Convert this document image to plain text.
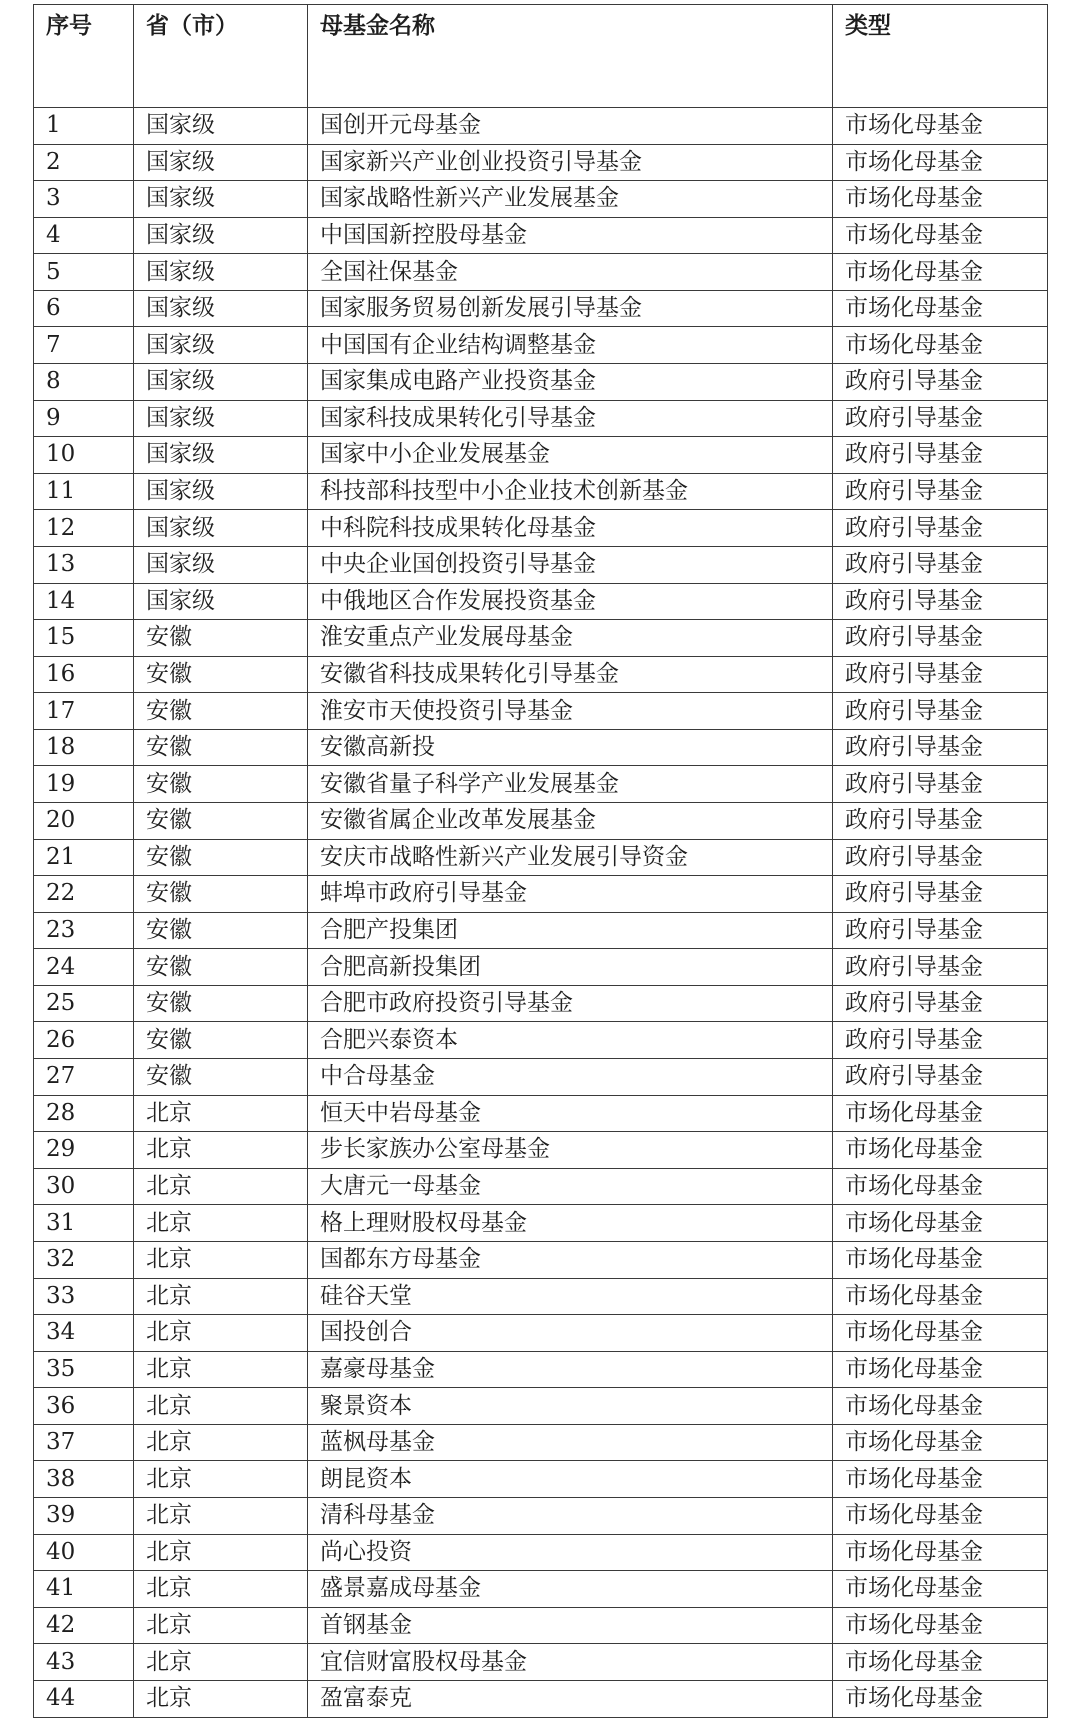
序号	省（市）	母基金名称	类型
1	国家级	国创开元母基金	市场化母基金
2	国家级	国家新兴产业创业投资引导基金	市场化母基金
3	国家级	国家战略性新兴产业发展基金	市场化母基金
4	国家级	中国国新控股母基金	市场化母基金
5	国家级	全国社保基金	市场化母基金
6	国家级	国家服务贸易创新发展引导基金	市场化母基金
7	国家级	中国国有企业结构调整基金	市场化母基金
8	国家级	国家集成电路产业投资基金	政府引导基金
9	国家级	国家科技成果转化引导基金	政府引导基金
10	国家级	国家中小企业发展基金	政府引导基金
11	国家级	科技部科技型中小企业技术创新基金	政府引导基金
12	国家级	中科院科技成果转化母基金	政府引导基金
13	国家级	中央企业国创投资引导基金	政府引导基金
14	国家级	中俄地区合作发展投资基金	政府引导基金
15	安徽	淮安重点产业发展母基金	政府引导基金
16	安徽	安徽省科技成果转化引导基金	政府引导基金
17	安徽	淮安市天使投资引导基金	政府引导基金
18	安徽	安徽高新投	政府引导基金
19	安徽	安徽省量子科学产业发展基金	政府引导基金
20	安徽	安徽省属企业改革发展基金	政府引导基金
21	安徽	安庆市战略性新兴产业发展引导资金	政府引导基金
22	安徽	蚌埠市政府引导基金	政府引导基金
23	安徽	合肥产投集团	政府引导基金
24	安徽	合肥高新投集团	政府引导基金
25	安徽	合肥市政府投资引导基金	政府引导基金
26	安徽	合肥兴泰资本	政府引导基金
27	安徽	中合母基金	政府引导基金
28	北京	恒天中岩母基金	市场化母基金
29	北京	步长家族办公室母基金	市场化母基金
30	北京	大唐元一母基金	市场化母基金
31	北京	格上理财股权母基金	市场化母基金
32	北京	国都东方母基金	市场化母基金
33	北京	硅谷天堂	市场化母基金
34	北京	国投创合	市场化母基金
35	北京	嘉豪母基金	市场化母基金
36	北京	聚景资本	市场化母基金
37	北京	蓝枫母基金	市场化母基金
38	北京	朗昆资本	市场化母基金
39	北京	清科母基金	市场化母基金
40	北京	尚心投资	市场化母基金
41	北京	盛景嘉成母基金	市场化母基金
42	北京	首钢基金	市场化母基金
43	北京	宜信财富股权母基金	市场化母基金
44	北京	盈富泰克	市场化母基金
